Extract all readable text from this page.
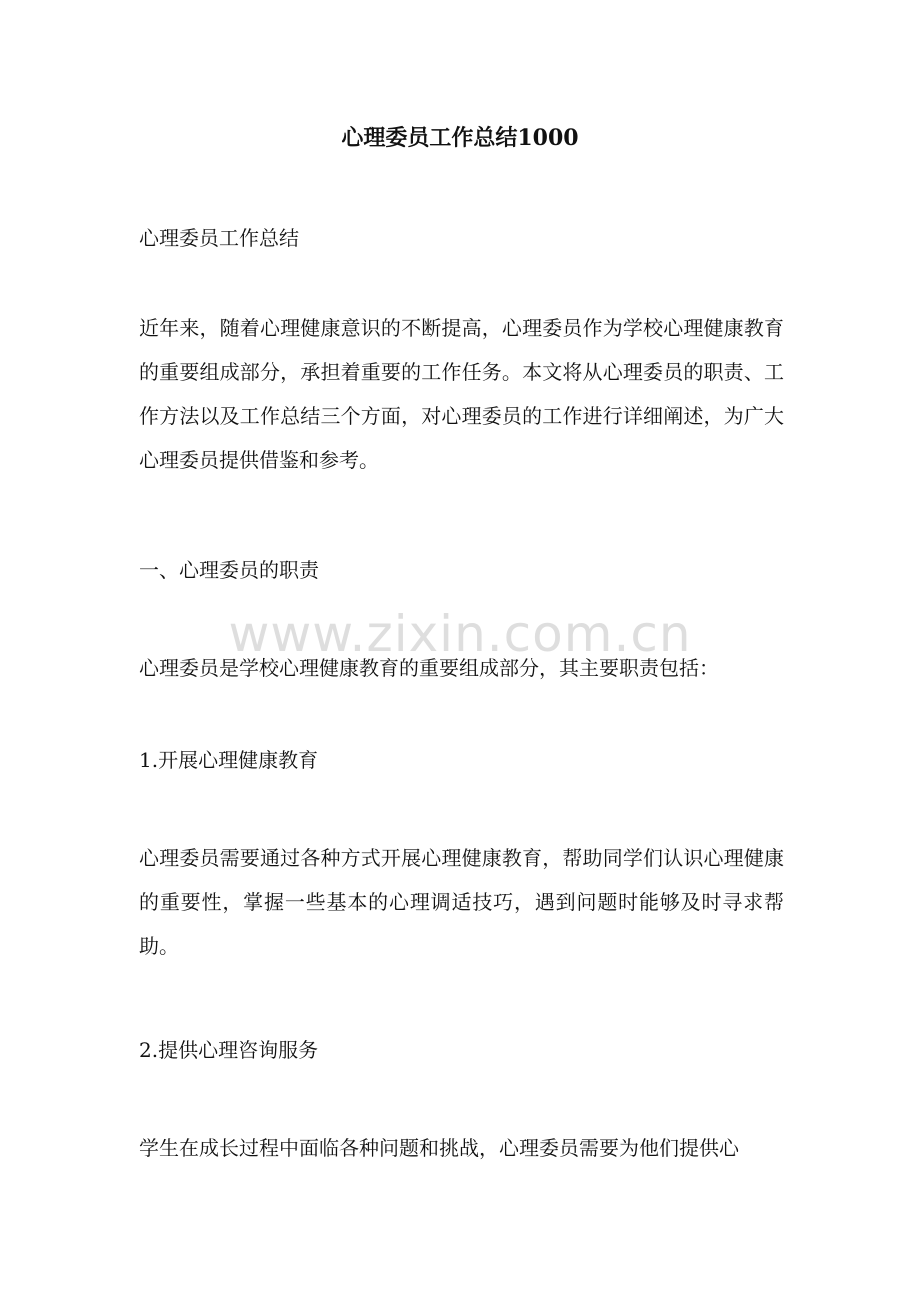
心理委员工作总结1000

心理委员工作总结

近年来，随着心理健康意识的不断提高，心理委员作为学校心理健康教育的重要组成部分，承担着重要的工作任务。本文将从心理委员的职责、工作方法以及工作总结三个方面，对心理委员的工作进行详细阐述，为广大心理委员提供借鉴和参考。

一、心理委员的职责

心理委员是学校心理健康教育的重要组成部分，其主要职责包括：

1.开展心理健康教育

心理委员需要通过各种方式开展心理健康教育，帮助同学们认识心理健康的重要性，掌握一些基本的心理调适技巧，遇到问题时能够及时寻求帮助。

2.提供心理咨询服务

学生在成长过程中面临各种问题和挑战，心理委员需要为他们提供心

www.zixin.com.cn
